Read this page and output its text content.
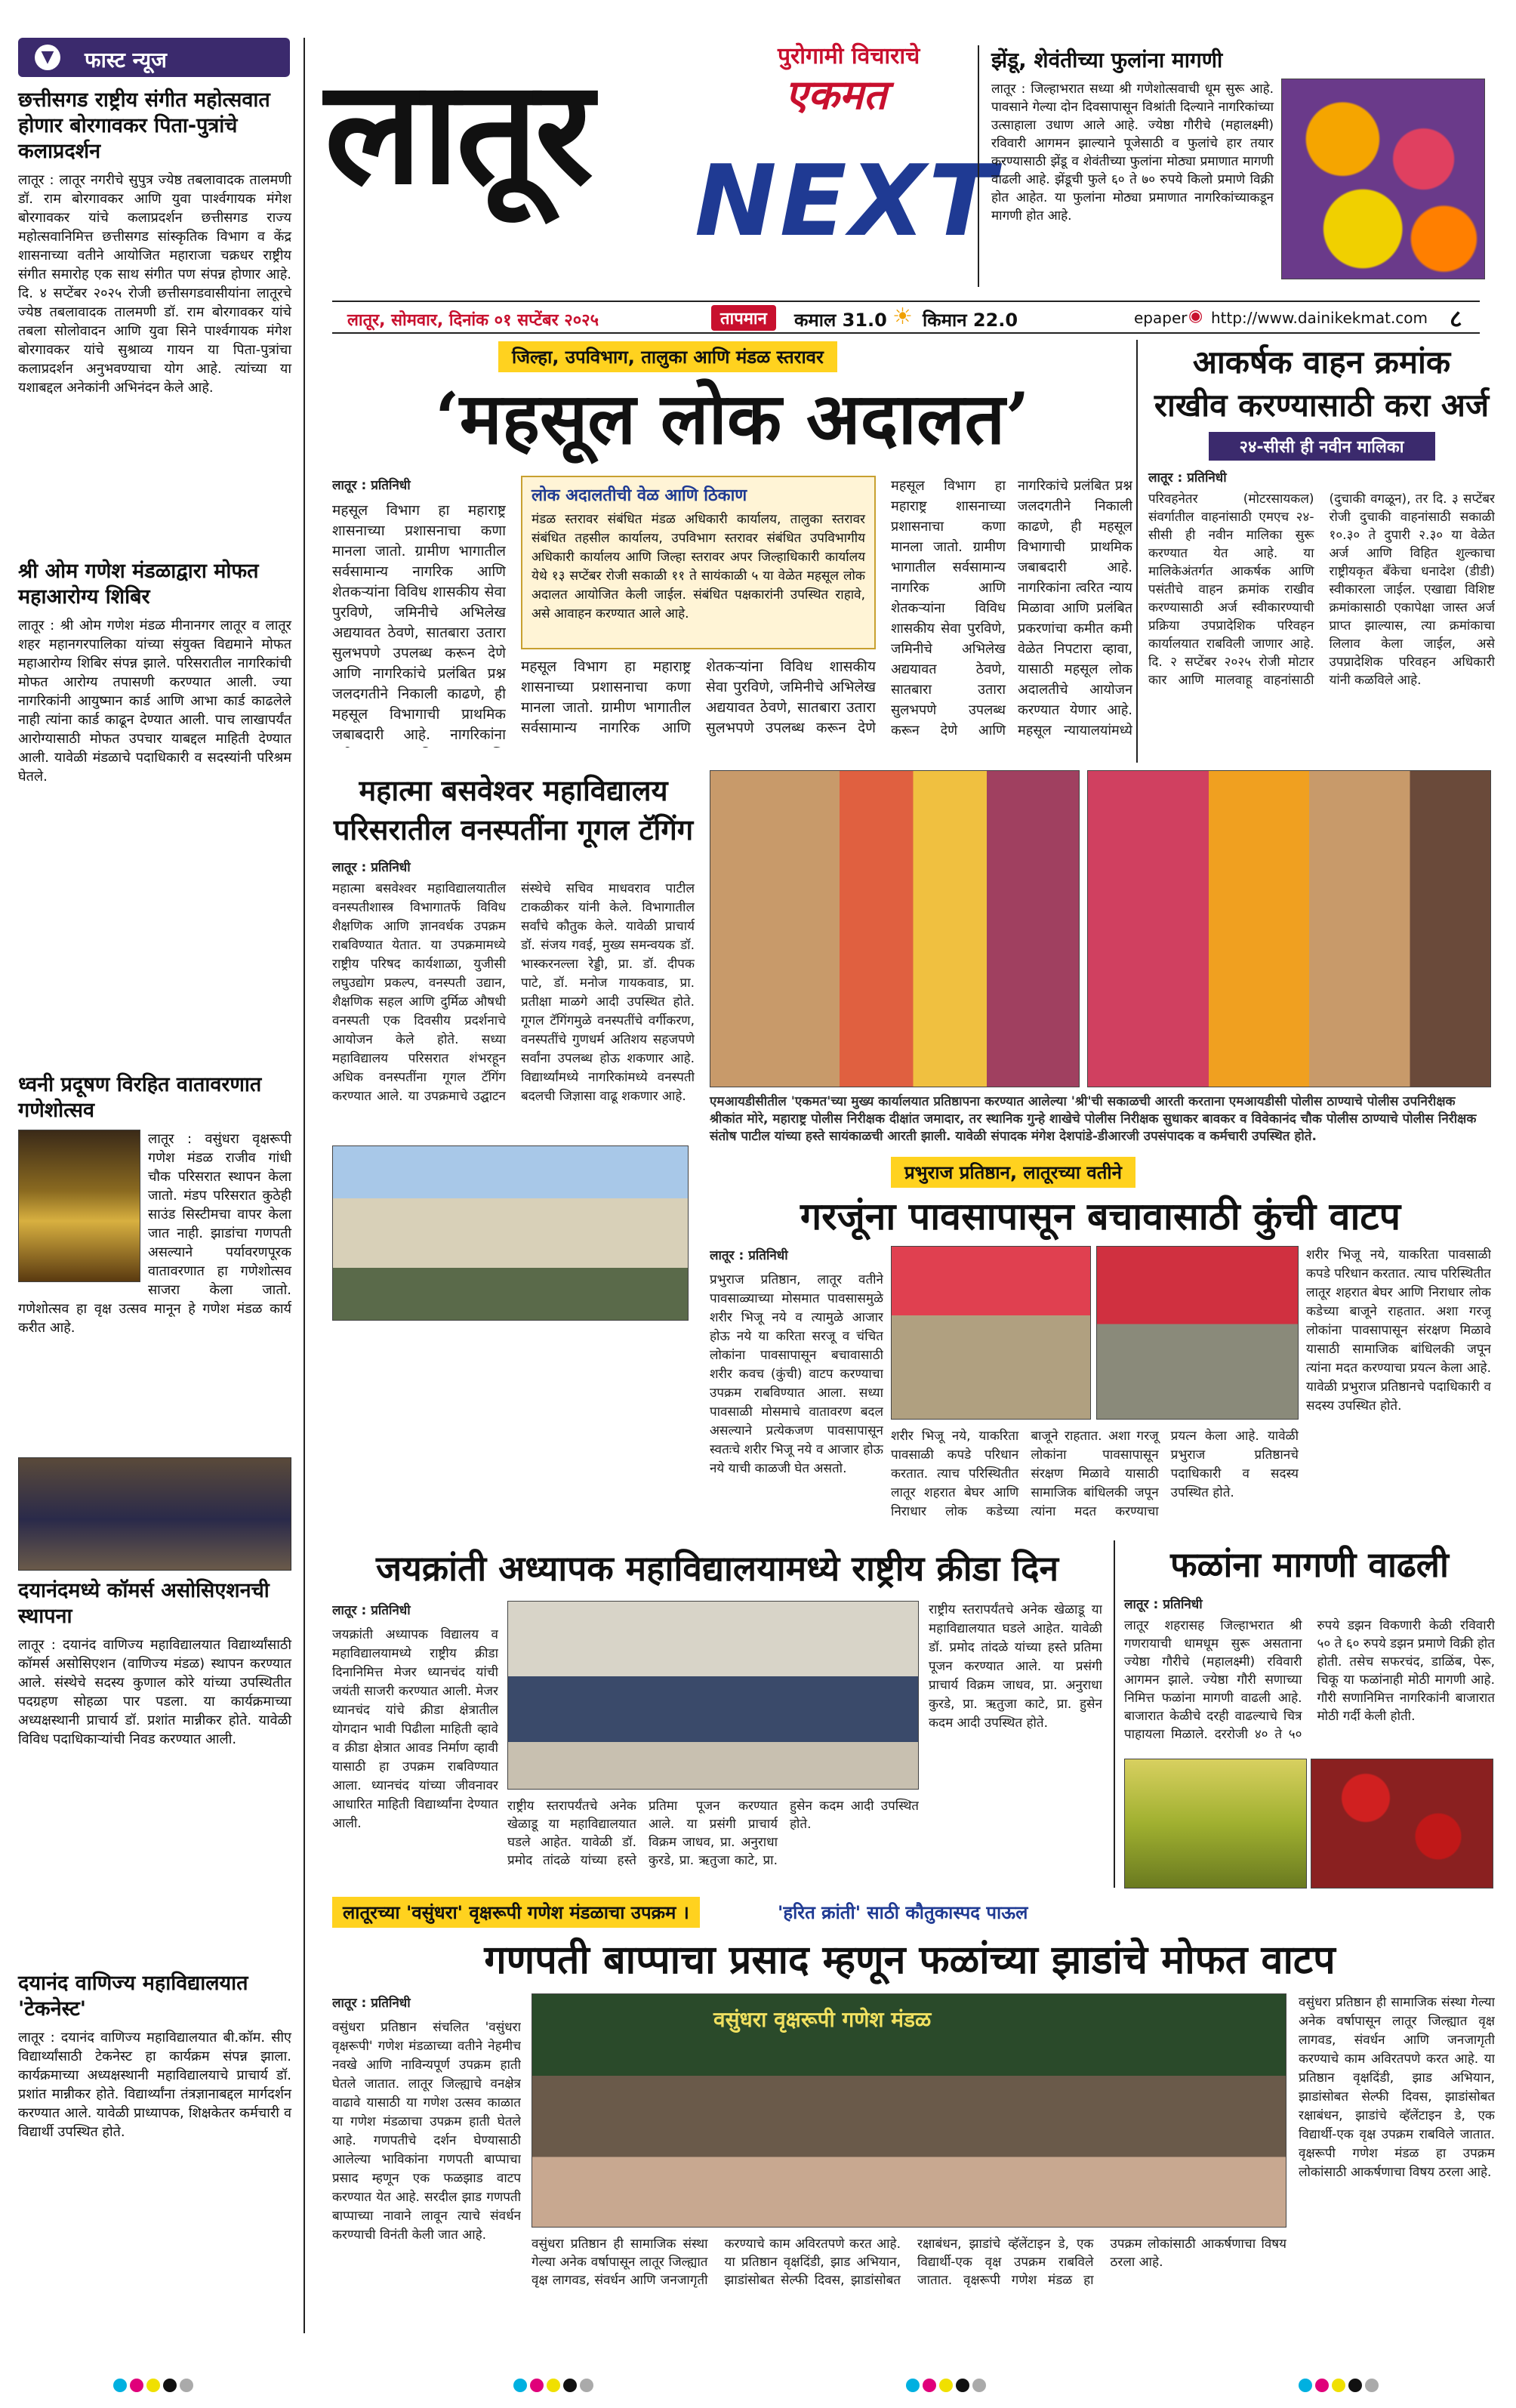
▼	फास्ट न्यूज
छत्तीसगड राष्ट्रीय संगीत महोत्सवात होणार बोरगावकर पिता-पुत्रांचे कलाप्रदर्शन
लातूर : लातूर नगरीचे सुपुत्र ज्येष्ठ तबलावादक तालमणी डॉ. राम बोरगावकर आणि युवा पार्श्वगायक मंगेश बोरगावकर यांचे कलाप्रदर्शन छत्तीसगड राज्य महोत्सवानिमित्त छत्तीसगड सांस्कृतिक विभाग व केंद्र शासनाच्या वतीने आयोजित महाराजा चक्रधर राष्ट्रीय संगीत समारोह एक साथ संगीत पण संपन्न होणार आहे. दि. ४ सप्टेंबर २०२५ रोजी छत्तीसगडवासीयांना लातूरचे ज्येष्ठ तबलावादक तालमणी डॉ. राम बोरगावकर यांचे तबला सोलोवादन आणि युवा सिने पार्श्वगायक मंगेश बोरगावकर यांचे सुश्राव्य गायन या पिता-पुत्रांचा कलाप्रदर्शन अनुभवण्याचा योग आहे. त्यांच्या या यशाबद्दल अनेकांनी अभिनंदन केले आहे.
श्री ओम गणेश मंडळाद्वारा मोफत महाआरोग्य शिबिर
लातूर : श्री ओम गणेश मंडळ मीनानगर लातूर व लातूर शहर महानगरपालिका यांच्या संयुक्त विद्यमाने मोफत महाआरोग्य शिबिर संपन्न झाले. परिसरातील नागरिकांची मोफत आरोग्य तपासणी करण्यात आली. ज्या नागरिकांनी आयुष्मान कार्ड आणि आभा कार्ड काढलेले नाही त्यांना कार्ड काढून देण्यात आली. पाच लाखापर्यंत आरोग्यासाठी मोफत उपचार याबद्दल माहिती देण्यात आली. यावेळी मंडळाचे पदाधिकारी व सदस्यांनी परिश्रम घेतले.
ध्वनी प्रदूषण विरहित वातावरणात गणेशोत्सव
लातूर : वसुंधरा वृक्षरूपी गणेश मंडळ राजीव गांधी चौक परिसरात स्थापन केला जातो. मंडप परिसरात कुठेही साउंड सिस्टीमचा वापर केला जात नाही. झाडांचा गणपती असल्याने पर्यावरणपूरक वातावरणात हा गणेशोत्सव साजरा केला जातो. गणेशोत्सव हा वृक्ष उत्सव मानून हे गणेश मंडळ कार्य करीत आहे.
दयानंदमध्ये कॉमर्स असोसिएशनची स्थापना
लातूर : दयानंद वाणिज्य महाविद्यालयात विद्यार्थ्यांसाठी कॉमर्स असोसिएशन (वाणिज्य मंडळ) स्थापन करण्यात आले. संस्थेचे सदस्य कुणाल कोरे यांच्या उपस्थितीत पदग्रहण सोहळा पार पडला. या कार्यक्रमाच्या अध्यक्षस्थानी प्राचार्य डॉ. प्रशांत मान्नीकर होते. यावेळी विविध पदाधिकाऱ्यांची निवड करण्यात आली.
दयानंद वाणिज्य महाविद्यालयात 'टेकनेस्ट'
लातूर : दयानंद वाणिज्य महाविद्यालयात बी.कॉम. सीए विद्यार्थ्यांसाठी टेकनेस्ट हा कार्यक्रम संपन्न झाला. कार्यक्रमाच्या अध्यक्षस्थानी महाविद्यालयाचे प्राचार्य डॉ. प्रशांत मान्नीकर होते. विद्यार्थ्यांना तंत्रज्ञानाबद्दल मार्गदर्शन करण्यात आले. यावेळी प्राध्यापक, शिक्षकेतर कर्मचारी व विद्यार्थी उपस्थित होते.
लातूर	पुरोगामी विचाराचे
एकमत
NEXT
लातूर, सोमवार, दिनांक ०१ सप्टेंबर २०२५	तापमान	कमाल 31.0 ☀ किमान 22.0	epaper ◉ http://www.dainikekmat.com ८
झेंडू, शेवंतीच्या फुलांना मागणी
लातूर : जिल्हाभरात सध्या श्री गणेशोत्सवाची धूम सुरू आहे. पावसाने गेल्या दोन दिवसापासून विश्रांती दिल्याने नागरिकांच्या उत्साहाला उधाण आले आहे. ज्येष्ठा गौरीचे (महालक्ष्मी) रविवारी आगमन झाल्याने पूजेसाठी व फुलांचे हार तयार करण्यासाठी झेंडू व शेवंतीच्या फुलांना मोठ्या प्रमाणात मागणी वाढली आहे. झेंडूची फुले ६० ते ७० रुपये किलो प्रमाणे विक्री होत आहेत. या फुलांना मोठ्या प्रमाणात नागरिकांच्याकडून मागणी होत आहे.
जिल्हा, उपविभाग, तालुका आणि मंडळ स्तरावर
‘महसूल लोक अदालत’
लातूर : प्रतिनिधी
महसूल विभाग हा महाराष्ट्र शासनाच्या प्रशासनाचा कणा मानला जातो. ग्रामीण भागातील सर्वसामान्य नागरिक आणि शेतकऱ्यांना विविध शासकीय सेवा पुरविणे, जमिनीचे अभिलेख अद्ययावत ठेवणे, सातबारा उतारा सुलभपणे उपलब्ध करून देणे आणि नागरिकांचे प्रलंबित प्रश्न जलदगतीने निकाली काढणे, ही महसूल विभागाची प्राथमिक जबाबदारी आहे. नागरिकांना
लोक अदालतीची वेळ आणि ठिकाण
मंडळ स्तरावर संबंधित मंडळ अधिकारी कार्यालय, तालुका स्तरावर संबंधित तहसील कार्यालय, उपविभाग स्तरावर संबंधित उपविभागीय अधिकारी कार्यालय आणि जिल्हा स्तरावर अपर जिल्हाधिकारी कार्यालय येथे १३ सप्टेंबर रोजी सकाळी ११ ते सायंकाळी ५ या वेळेत महसूल लोक अदालत आयोजित केली जाईल. संबंधित पक्षकारांनी उपस्थित राहावे, असे आवाहन करण्यात आले आहे.
महसूल विभाग हा महाराष्ट्र शासनाच्या प्रशासनाचा कणा मानला जातो. ग्रामीण भागातील सर्वसामान्य नागरिक आणि शेतकऱ्यांना विविध शासकीय सेवा पुरविणे, जमिनीचे अभिलेख अद्ययावत ठेवणे, सातबारा उतारा सुलभपणे उपलब्ध करून देणे
महसूल विभाग हा महाराष्ट्र शासनाच्या प्रशासनाचा कणा मानला जातो. ग्रामीण भागातील सर्वसामान्य नागरिक आणि शेतकऱ्यांना विविध शासकीय सेवा पुरविणे, जमिनीचे अभिलेख अद्ययावत ठेवणे, सातबारा उतारा सुलभपणे उपलब्ध करून देणे आणि नागरिकांचे प्रलंबित प्रश्न जलदगतीने निकाली काढणे, ही महसूल विभागाची प्राथमिक जबाबदारी आहे. नागरिकांना त्वरित न्याय मिळावा आणि प्रलंबित प्रकरणांचा कमीत कमी वेळेत निपटारा व्हावा, यासाठी महसूल लोक अदालतीचे आयोजन करण्यात येणार आहे. महसूल न्यायालयांमध्ये
आकर्षक वाहन क्रमांक
राखीव करण्यासाठी करा अर्ज
२४-सीसी ही नवीन मालिका
लातूर : प्रतिनिधी
परिवहनेतर (मोटरसायकल) संवर्गातील वाहनांसाठी एमएच २४-सीसी ही नवीन मालिका सुरू करण्यात येत आहे. या मालिकेअंतर्गत आकर्षक आणि पसंतीचे वाहन क्रमांक राखीव करण्यासाठी अर्ज स्वीकारण्याची प्रक्रिया उपप्रादेशिक परिवहन कार्यालयात राबविली जाणार आहे. दि. २ सप्टेंबर २०२५ रोजी मोटार कार आणि मालवाहू वाहनांसाठी (दुचाकी वगळून), तर दि. ३ सप्टेंबर रोजी दुचाकी वाहनांसाठी सकाळी १०.३० ते दुपारी २.३० या वेळेत अर्ज आणि विहित शुल्काचा राष्ट्रीयकृत बँकेचा धनादेश (डीडी) स्वीकारला जाईल. एखाद्या विशिष्ट क्रमांकासाठी एकापेक्षा जास्त अर्ज प्राप्त झाल्यास, त्या क्रमांकाचा लिलाव केला जाईल, असे उपप्रादेशिक परिवहन अधिकारी यांनी कळविले आहे.
महात्मा बसवेश्वर महाविद्यालय
परिसरातील वनस्पतींना गूगल टॅगिंग
लातूर : प्रतिनिधी
महात्मा बसवेश्वर महाविद्यालयातील वनस्पतीशास्त्र विभागातर्फे विविध शैक्षणिक आणि ज्ञानवर्धक उपक्रम राबविण्यात येतात. या उपक्रमामध्ये राष्ट्रीय परिषद कार्यशाळा, युजीसी लघुउद्योग प्रकल्प, वनस्पती उद्यान, शैक्षणिक सहल आणि दुर्मिळ औषधी वनस्पती एक दिवसीय प्रदर्शनाचे आयोजन केले होते. सध्या महाविद्यालय परिसरात शंभरहून अधिक वनस्पतींना गूगल टॅगिंग करण्यात आले. या उपक्रमाचे उद्घाटन संस्थेचे सचिव माधवराव पाटील टाकळीकर यांनी केले. विभागातील सर्वांचे कौतुक केले. यावेळी प्राचार्य डॉ. संजय गवई, मुख्य समन्वयक डॉ. भास्करनल्ला रेड्डी, प्रा. डॉ. दीपक पाटे, डॉ. मनोज गायकवाड, प्रा. प्रतीक्षा माळगे आदी उपस्थित होते. गूगल टॅगिंगमुळे वनस्पतींचे वर्गीकरण, वनस्पतींचे गुणधर्म अतिशय सहजपणे सर्वांना उपलब्ध होऊ शकणार आहे. विद्यार्थ्यांमध्ये नागरिकांमध्ये वनस्पती बदलची जिज्ञासा वाढू शकणार आहे.	एमआयडीसीतील 'एकमत'च्या मुख्य कार्यालयात प्रतिष्ठापना करण्यात आलेल्या 'श्री'ची सकाळची आरती करताना एमआयडीसी पोलीस ठाण्याचे पोलीस उपनिरीक्षक श्रीकांत मोरे, महाराष्ट्र पोलीस निरीक्षक दीक्षांत जमादार, तर स्थानिक गुन्हे शाखेचे पोलीस निरीक्षक सुधाकर बावकर व विवेकानंद चौक पोलीस ठाण्याचे पोलीस निरीक्षक संतोष पाटील यांच्या हस्ते सायंकाळची आरती झाली. यावेळी संपादक मंगेश देशपांडे-डीआरजी उपसंपादक व कर्मचारी उपस्थित होते.
प्रभुराज प्रतिष्ठान, लातूरच्या वतीने
गरजूंना पावसापासून बचावासाठी कुंची वाटप
लातूर : प्रतिनिधी
प्रभुराज प्रतिष्ठान, लातूर वतीने पावसाळ्याच्या मोसमात पावसासमुळे शरीर भिजू नये व त्यामुळे आजार होऊ नये या करिता सरजू व चंचित लोकांना पावसापासून बचावासाठी शरीर कवच (कुंची) वाटप करण्याचा उपक्रम राबविण्यात आला. सध्या पावसाळी मोसमाचे वातावरण बदल असल्याने प्रत्येकजण पावसापासून स्वतःचे शरीर भिजू नये व आजार होऊ नये याची काळजी घेत असतो.
शरीर भिजू नये, याकरिता पावसाळी कपडे परिधान करतात. त्याच परिस्थितीत लातूर शहरात बेघर आणि निराधार लोक कडेच्या बाजूने राहतात. अशा गरजू लोकांना पावसापासून संरक्षण मिळावे यासाठी सामाजिक बांधिलकी जपून त्यांना मदत करण्याचा प्रयत्न केला आहे. यावेळी प्रभुराज प्रतिष्ठानचे पदाधिकारी व सदस्य उपस्थित होते.
शरीर भिजू नये, याकरिता पावसाळी कपडे परिधान करतात. त्याच परिस्थितीत लातूर शहरात बेघर आणि निराधार लोक कडेच्या बाजूने राहतात. अशा गरजू लोकांना पावसापासून संरक्षण मिळावे यासाठी सामाजिक बांधिलकी जपून त्यांना मदत करण्याचा प्रयत्न केला आहे. यावेळी प्रभुराज प्रतिष्ठानचे पदाधिकारी व सदस्य उपस्थित होते.
जयक्रांती अध्यापक महाविद्यालयामध्ये राष्ट्रीय क्रीडा दिन
लातूर : प्रतिनिधी
जयक्रांती अध्यापक विद्यालय व महाविद्यालयामध्ये राष्ट्रीय क्रीडा दिनानिमित्त मेजर ध्यानचंद यांची जयंती साजरी करण्यात आली. मेजर ध्यानचंद यांचे क्रीडा क्षेत्रातील योगदान भावी पिढीला माहिती व्हावे व क्रीडा क्षेत्रात आवड निर्माण व्हावी यासाठी हा उपक्रम राबविण्यात आला. ध्यानचंद यांच्या जीवनावर आधारित माहिती विद्यार्थ्यांना देण्यात आली.
राष्ट्रीय स्तरापर्यंतचे अनेक खेळाडू या महाविद्यालयात घडले आहेत. यावेळी डॉ. प्रमोद तांदळे यांच्या हस्ते प्रतिमा पूजन करण्यात आले. या प्रसंगी प्राचार्य विक्रम जाधव, प्रा. अनुराधा कुरडे, प्रा. ऋतुजा काटे, प्रा. हुसेन कदम आदी उपस्थित होते.
राष्ट्रीय स्तरापर्यंतचे अनेक खेळाडू या महाविद्यालयात घडले आहेत. यावेळी डॉ. प्रमोद तांदळे यांच्या हस्ते प्रतिमा पूजन करण्यात आले. या प्रसंगी प्राचार्य विक्रम जाधव, प्रा. अनुराधा कुरडे, प्रा. ऋतुजा काटे, प्रा. हुसेन कदम आदी उपस्थित होते.
फळांना मागणी वाढली
लातूर : प्रतिनिधी
लातूर शहरासह जिल्हाभरात श्री गणरायाची धामधूम सुरू असताना ज्येष्ठा गौरीचे (महालक्ष्मी) रविवारी आगमन झाले. ज्येष्ठा गौरी सणाच्या निमित्त फळांना मागणी वाढली आहे. बाजारात केळीचे दरही वाढल्याचे चित्र पाहायला मिळाले. दररोजी ४० ते ५० रुपये डझन विकणारी केळी रविवारी ५० ते ६० रुपये डझन प्रमाणे विक्री होत होती. तसेच सफरचंद, डाळिंब, पेरू, चिकू या फळांनाही मोठी मागणी आहे. गौरी सणानिमित्त नागरिकांनी बाजारात मोठी गर्दी केली होती.

लातूरच्या 'वसुंधरा' वृक्षरूपी गणेश मंडळाचा उपक्रम ।	'हरित क्रांती' साठी कौतुकास्पद पाऊल
गणपती बाप्पाचा प्रसाद म्हणून फळांच्या झाडांचे मोफत वाटप
लातूर : प्रतिनिधी
वसुंधरा प्रतिष्ठान संचलित 'वसुंधरा वृक्षरूपी' गणेश मंडळाच्या वतीने नेहमीच नवखे आणि नाविन्यपूर्ण उपक्रम हाती घेतले जातात. लातूर जिल्ह्याचे वनक्षेत्र वाढावे यासाठी या गणेश उत्सव काळात या गणेश मंडळाचा उपक्रम हाती घेतले आहे. गणपतीचे दर्शन घेण्यासाठी आलेल्या भाविकांना गणपती बाप्पाचा प्रसाद म्हणून एक फळझाड वाटप करण्यात येत आहे. सरदील झाड गणपती बाप्पाच्या नावाने लावून त्याचे संवर्धन करण्याची विनंती केली जात आहे.
वसुंधरा वृक्षरूपी गणेश मंडळ
वसुंधरा प्रतिष्ठान ही सामाजिक संस्था गेल्या अनेक वर्षापासून लातूर जिल्ह्यात वृक्ष लागवड, संवर्धन आणि जनजागृती करण्याचे काम अविरतपणे करत आहे. या प्रतिष्ठान वृक्षदिंडी, झाड अभियान, झाडांसोबत सेल्फी दिवस, झाडांसोबत रक्षाबंधन, झाडांचे व्हॅलेंटाइन डे, एक विद्यार्थी-एक वृक्ष उपक्रम राबविले जातात. वृक्षरूपी गणेश मंडळ हा उपक्रम लोकांसाठी आकर्षणाचा विषय ठरला आहे.
वसुंधरा प्रतिष्ठान ही सामाजिक संस्था गेल्या अनेक वर्षापासून लातूर जिल्ह्यात वृक्ष लागवड, संवर्धन आणि जनजागृती करण्याचे काम अविरतपणे करत आहे. या प्रतिष्ठान वृक्षदिंडी, झाड अभियान, झाडांसोबत सेल्फी दिवस, झाडांसोबत रक्षाबंधन, झाडांचे व्हॅलेंटाइन डे, एक विद्यार्थी-एक वृक्ष उपक्रम राबविले जातात. वृक्षरूपी गणेश मंडळ हा उपक्रम लोकांसाठी आकर्षणाचा विषय ठरला आहे.
